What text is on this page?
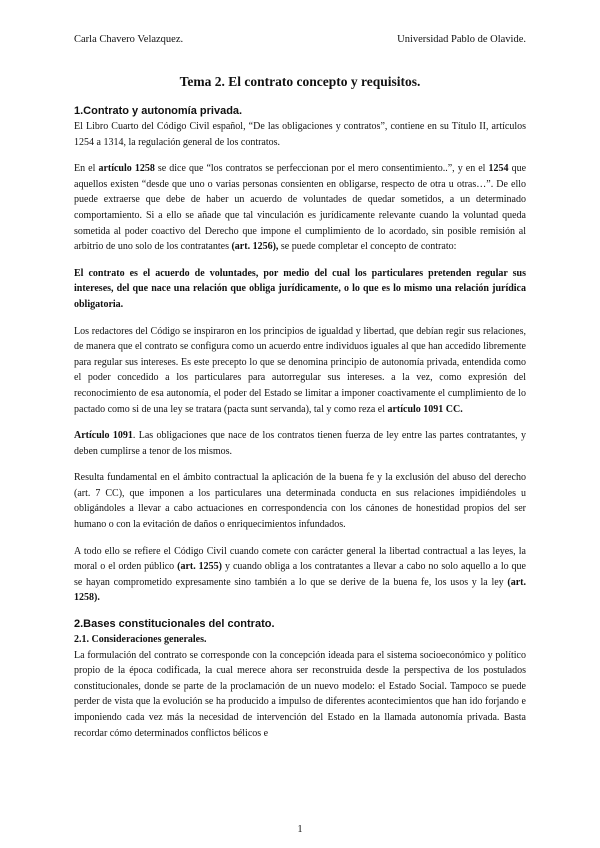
Carla Chavero Velazquez.	Universidad Pablo de Olavide.
Tema 2. El contrato concepto y requisitos.

1.Contrato y autonomía privada.

El Libro Cuarto del Código Civil español, “De las obligaciones y contratos”, contiene en su Título II, artículos 1254 a 1314, la regulación general de los contratos.

En el artículo 1258 se dice que “los contratos se perfeccionan por el mero consentimiento..”, y en el 1254 que aquellos existen “desde que uno o varias personas consienten en obligarse, respecto de otra u otras…”. De ello puede extraerse que debe de haber un acuerdo de voluntades de quedar sometidos, a un determinado comportamiento. Si a ello se añade que tal vinculación es jurídicamente relevante cuando la voluntad queda sometida al poder coactivo del Derecho que impone el cumplimiento de lo acordado, sin posible remisión al arbitrio de uno solo de los contratantes (art. 1256), se puede completar el concepto de contrato:

El contrato es el acuerdo de voluntades, por medio del cual los particulares pretenden regular sus intereses, del que nace una relación que obliga jurídicamente, o lo que es lo mismo una relación jurídica obligatoria.

Los redactores del Código se inspiraron en los principios de igualdad y libertad, que debían regir sus relaciones, de manera que el contrato se configura como un acuerdo entre individuos iguales al que han accedido libremente para regular sus intereses. Es este precepto lo que se denomina principio de autonomía privada, entendida como el poder concedido a los particulares para autorregular sus intereses. a la vez, como expresión del reconocimiento de esa autonomía, el poder del Estado se limitar a imponer coactivamente el cumplimiento de lo pactado como si de una ley se tratara (pacta sunt servanda), tal y como reza el artículo 1091 CC.

Artículo 1091. Las obligaciones que nace de los contratos tienen fuerza de ley entre las partes contratantes, y deben cumplirse a tenor de los mismos.

Resulta fundamental en el ámbito contractual la aplicación de la buena fe y la exclusión del abuso del derecho (art. 7 CC), que imponen a los particulares una determinada conducta en sus relaciones impidiéndoles u obligándoles a llevar a cabo actuaciones en correspondencia con los cánones de honestidad propios del ser humano o con la evitación de daños o enriquecimientos infundados.

A todo ello se refiere el Código Civil cuando comete con carácter general la libertad contractual a las leyes, la moral o el orden público (art. 1255) y cuando obliga a los contratantes a llevar a cabo no solo aquello a lo que se hayan comprometido expresamente sino también a lo que se derive de la buena fe, los usos y la ley (art. 1258).

2.Bases constitucionales del contrato.

2.1. Consideraciones generales.

La formulación del contrato se corresponde con la concepción ideada para el sistema socioeconómico y político propio de la época codificada, la cual merece ahora ser reconstruida desde la perspectiva de los postulados constitucionales, donde se parte de la proclamación de un nuevo modelo: el Estado Social. Tampoco se puede perder de vista que la evolución se ha producido a impulso de diferentes acontecimientos que han ido forjando e imponiendo cada vez más la necesidad de intervención del Estado en la llamada autonomía privada. Basta recordar cómo determinados conflictos bélicos e

1
